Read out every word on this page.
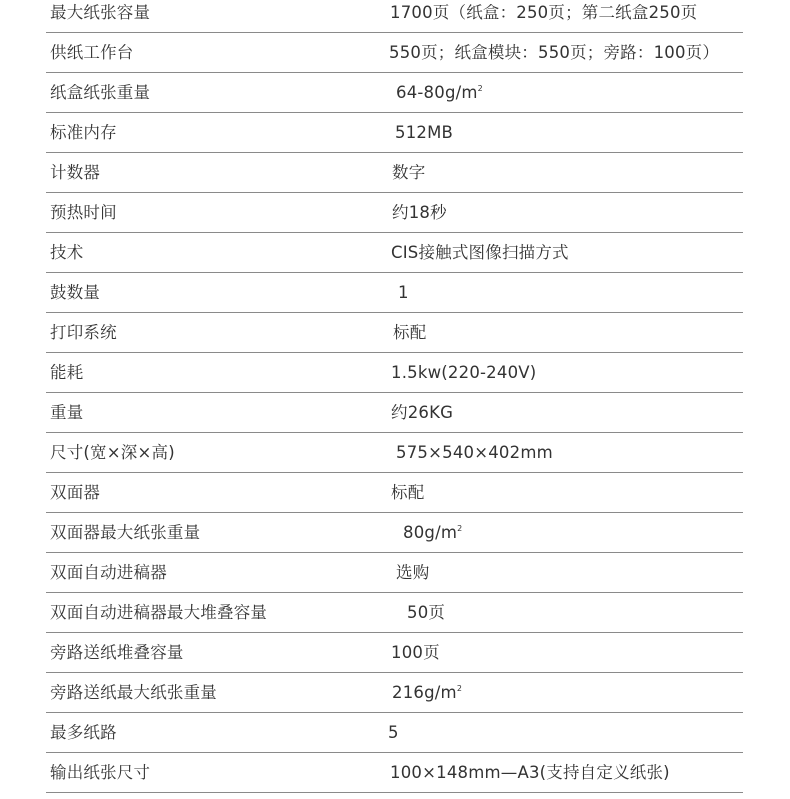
最大纸张容量	1700页（纸盒：250页；第二纸盒250页
供纸工作台	550页；纸盒模块：550页；旁路：100页）
纸盒纸张重量	$64-80g/m^2$
标准内存	512MB
计数器	数字
预热时间	约18秒
技术	CIS接触式图像扫描方式
鼓数量	1
打印系统	标配
能耗	1.5kw(220-240V)
重量	约26KG
尺寸(宽×深×高)	575×540×402mm
双面器	标配
双面器最大纸张重量	$80g/m^2$
双面自动进稿器	选购
双面自动进稿器最大堆叠容量	50页
旁路送纸堆叠容量	100页
旁路送纸最大纸张重量	$216g/m^2$
最多纸路	5
输出纸张尺寸	100×148mm—A3(支持自定义纸张)
